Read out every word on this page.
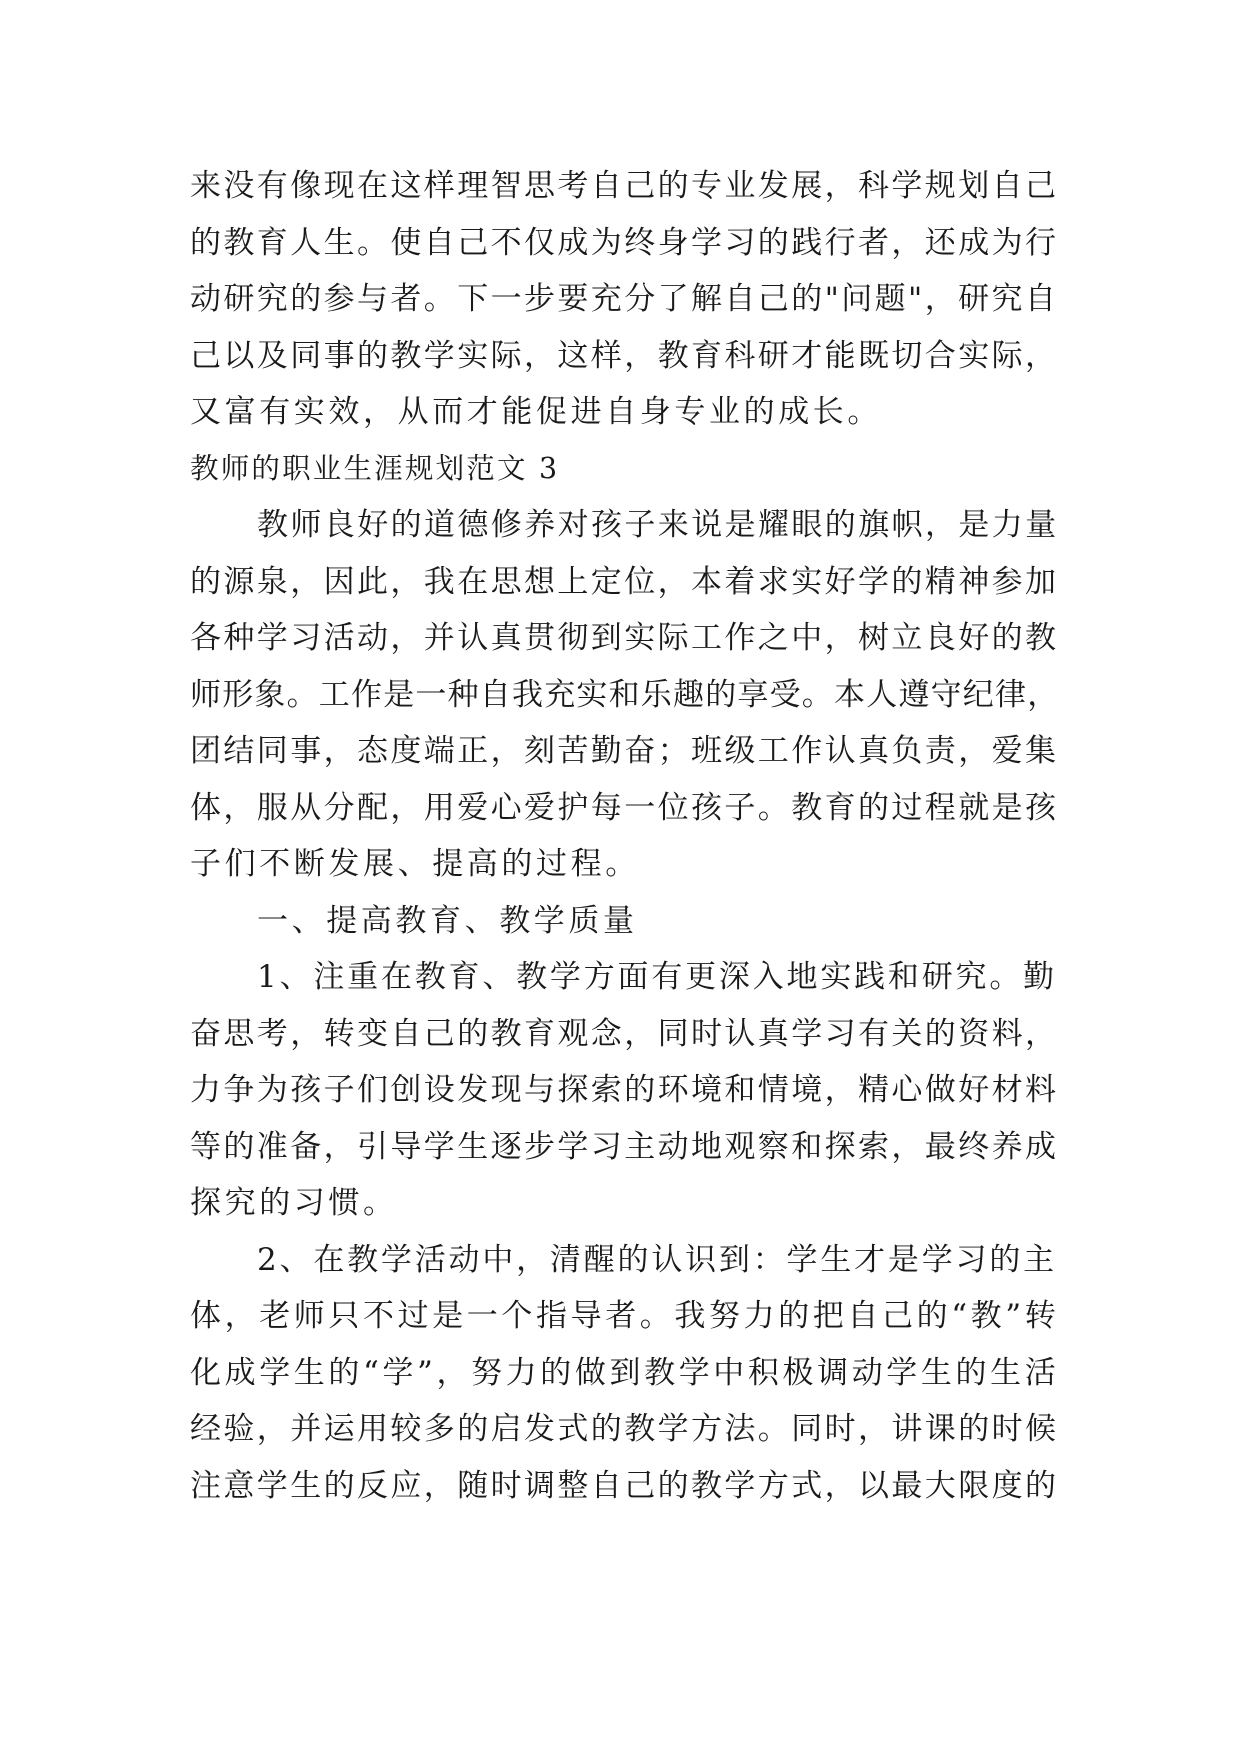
来没有像现在这样理智思考自己的专业发展，科学规划自己
的教育人生。使自己不仅成为终身学习的践行者，还成为行
动研究的参与者。下一步要充分了解自己的"问题"，研究自
己以及同事的教学实际，这样，教育科研才能既切合实际，
又富有实效，从而才能促进自身专业的成长。
教师的职业生涯规划范文 3
教师良好的道德修养对孩子来说是耀眼的旗帜，是力量
的源泉，因此，我在思想上定位，本着求实好学的精神参加
各种学习活动，并认真贯彻到实际工作之中，树立良好的教
师形象。工作是一种自我充实和乐趣的享受。本人遵守纪律，
团结同事，态度端正，刻苦勤奋；班级工作认真负责，爱集
体，服从分配，用爱心爱护每一位孩子。教育的过程就是孩
子们不断发展、提高的过程。
一、提高教育、教学质量
1、注重在教育、教学方面有更深入地实践和研究。勤
奋思考，转变自己的教育观念，同时认真学习有关的资料，
力争为孩子们创设发现与探索的环境和情境，精心做好材料
等的准备，引导学生逐步学习主动地观察和探索，最终养成
探究的习惯。
2、在教学活动中，清醒的认识到：学生才是学习的主
体，老师只不过是一个指导者。我努力的把自己的“教”转
化成学生的“学”，努力的做到教学中积极调动学生的生活
经验，并运用较多的启发式的教学方法。同时，讲课的时候
注意学生的反应，随时调整自己的教学方式，以最大限度的
